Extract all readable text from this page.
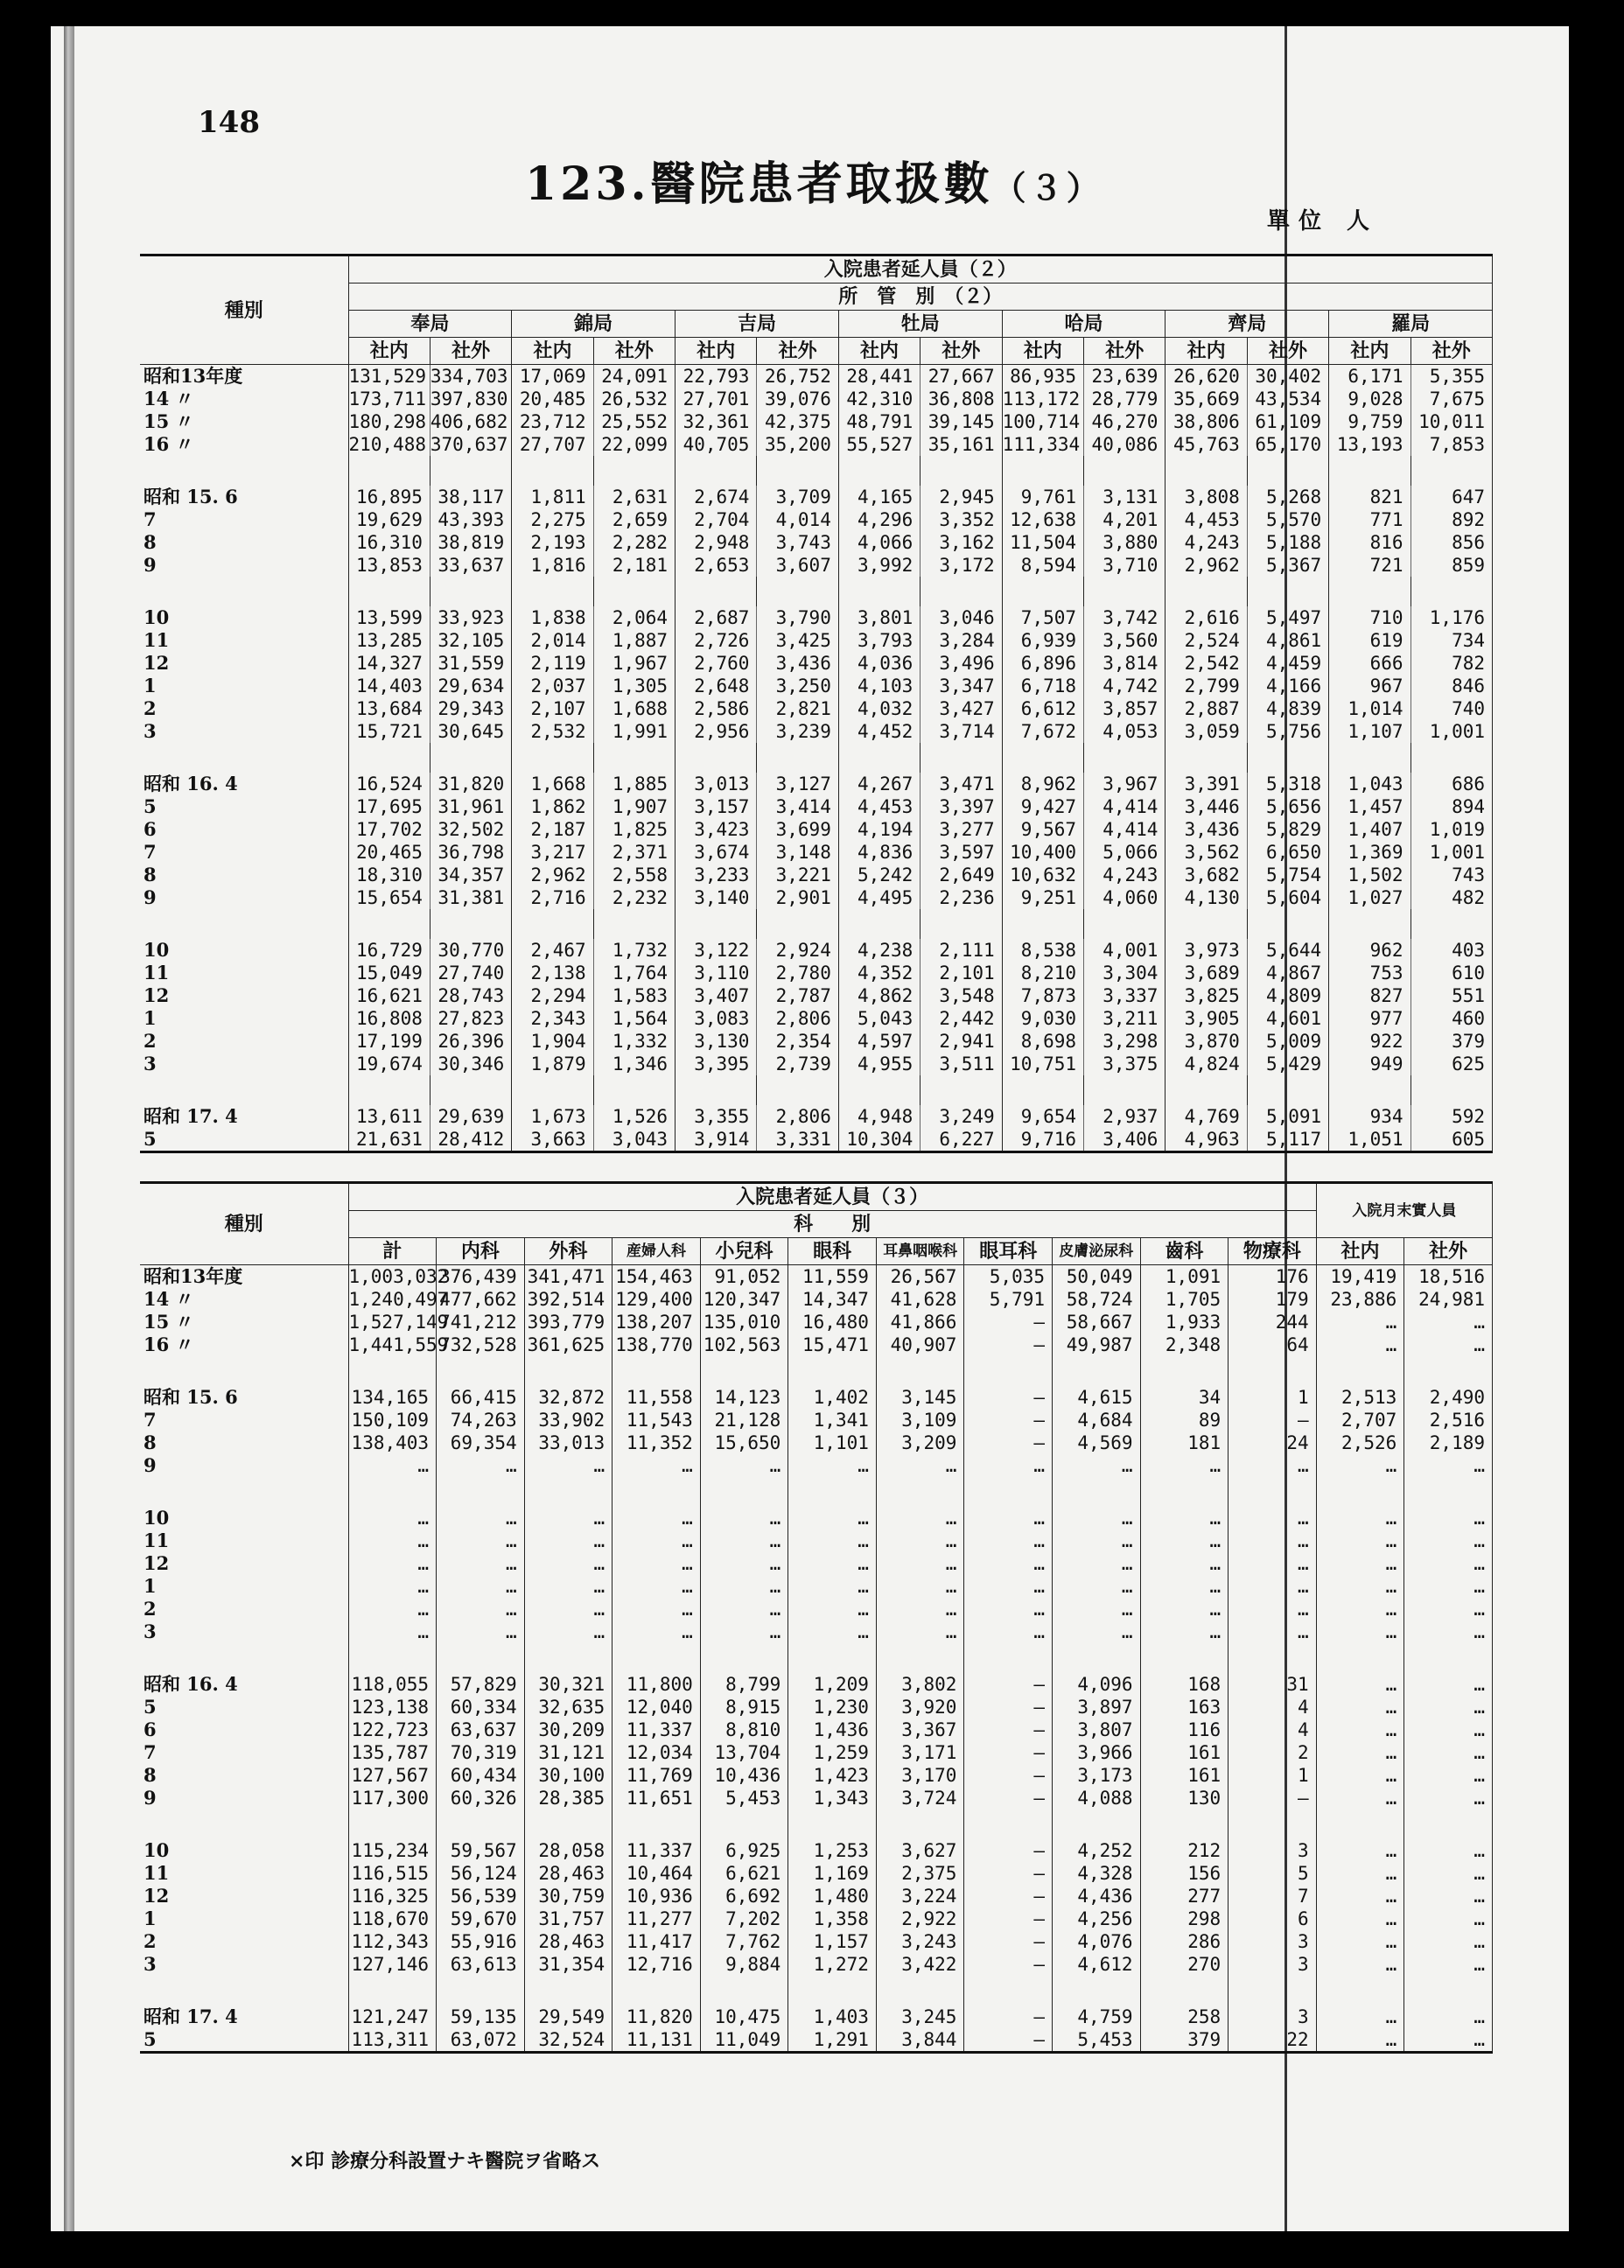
148
123.醫院患者取扱數（３）
單位 人
種別	入院患者延人員（２）													
	所　管　別　（２）													
	奉局		錦局		吉局		牡局		哈局		齊局		羅局	
	社内	社外	社内	社外	社内	社外	社内	社外	社内	社外	社内	社外	社内	社外
昭和13年度	131,529	334,703	17,069	24,091	22,793	26,752	28,441	27,667	86,935	23,639	26,620	30,402	6,171	5,355
14 〃	173,711	397,830	20,485	26,532	27,701	39,076	42,310	36,808	113,172	28,779	35,669	43,534	9,028	7,675
15 〃	180,298	406,682	23,712	25,552	32,361	42,375	48,791	39,145	100,714	46,270	38,806	61,109	9,759	10,011
16 〃	210,488	370,637	27,707	22,099	40,705	35,200	55,527	35,161	111,334	40,086	45,763	65,170	13,193	7,853

昭和 15. 6	16,895	38,117	1,811	2,631	2,674	3,709	4,165	2,945	9,761	3,131	3,808	5,268	821	647
7	19,629	43,393	2,275	2,659	2,704	4,014	4,296	3,352	12,638	4,201	4,453	5,570	771	892
8	16,310	38,819	2,193	2,282	2,948	3,743	4,066	3,162	11,504	3,880	4,243	5,188	816	856
9	13,853	33,637	1,816	2,181	2,653	3,607	3,992	3,172	8,594	3,710	2,962	5,367	721	859

10	13,599	33,923	1,838	2,064	2,687	3,790	3,801	3,046	7,507	3,742	2,616	5,497	710	1,176
11	13,285	32,105	2,014	1,887	2,726	3,425	3,793	3,284	6,939	3,560	2,524	4,861	619	734
12	14,327	31,559	2,119	1,967	2,760	3,436	4,036	3,496	6,896	3,814	2,542	4,459	666	782
1	14,403	29,634	2,037	1,305	2,648	3,250	4,103	3,347	6,718	4,742	2,799	4,166	967	846
2	13,684	29,343	2,107	1,688	2,586	2,821	4,032	3,427	6,612	3,857	2,887	4,839	1,014	740
3	15,721	30,645	2,532	1,991	2,956	3,239	4,452	3,714	7,672	4,053	3,059	5,756	1,107	1,001

昭和 16. 4	16,524	31,820	1,668	1,885	3,013	3,127	4,267	3,471	8,962	3,967	3,391	5,318	1,043	686
5	17,695	31,961	1,862	1,907	3,157	3,414	4,453	3,397	9,427	4,414	3,446	5,656	1,457	894
6	17,702	32,502	2,187	1,825	3,423	3,699	4,194	3,277	9,567	4,414	3,436	5,829	1,407	1,019
7	20,465	36,798	3,217	2,371	3,674	3,148	4,836	3,597	10,400	5,066	3,562	6,650	1,369	1,001
8	18,310	34,357	2,962	2,558	3,233	3,221	5,242	2,649	10,632	4,243	3,682	5,754	1,502	743
9	15,654	31,381	2,716	2,232	3,140	2,901	4,495	2,236	9,251	4,060	4,130	5,604	1,027	482

10	16,729	30,770	2,467	1,732	3,122	2,924	4,238	2,111	8,538	4,001	3,973	5,644	962	403
11	15,049	27,740	2,138	1,764	3,110	2,780	4,352	2,101	8,210	3,304	3,689	4,867	753	610
12	16,621	28,743	2,294	1,583	3,407	2,787	4,862	3,548	7,873	3,337	3,825	4,809	827	551
1	16,808	27,823	2,343	1,564	3,083	2,806	5,043	2,442	9,030	3,211	3,905	4,601	977	460
2	17,199	26,396	1,904	1,332	3,130	2,354	4,597	2,941	8,698	3,298	3,870	5,009	922	379
3	19,674	30,346	1,879	1,346	3,395	2,739	4,955	3,511	10,751	3,375	4,824	5,429	949	625

昭和 17. 4	13,611	29,639	1,673	1,526	3,355	2,806	4,948	3,249	9,654	2,937	4,769	5,091	934	592
5	21,631	28,412	3,663	3,043	3,914	3,331	10,304	6,227	9,716	3,406	4,963	5,117	1,051	605
種別	入院患者延人員（３）											入院月末實人員	
	科　　別												
	計	内科	外科	産婦人科	小兒科	眼科	耳鼻咽喉科	眼耳科	皮膚泌尿科	齒科	物療科	社内	社外
昭和13年度	1,003,032	376,439	341,471	154,463	91,052	11,559	26,567	5,035	50,049	1,091	176	19,419	18,516
14 〃	1,240,497	477,662	392,514	129,400	120,347	14,347	41,628	5,791	58,724	1,705	179	23,886	24,981
15 〃	1,527,149	741,212	393,779	138,207	135,010	16,480	41,866	—	58,667	1,933	244	…	…
16 〃	1,441,559	732,528	361,625	138,770	102,563	15,471	40,907	—	49,987	2,348	64	…	…

昭和 15. 6	134,165	66,415	32,872	11,558	14,123	1,402	3,145	—	4,615	34	1	2,513	2,490
7	150,109	74,263	33,902	11,543	21,128	1,341	3,109	—	4,684	89	—	2,707	2,516
8	138,403	69,354	33,013	11,352	15,650	1,101	3,209	—	4,569	181	24	2,526	2,189
9	…	…	…	…	…	…	…	…	…	…	…	…	…

10	…	…	…	…	…	…	…	…	…	…	…	…	…
11	…	…	…	…	…	…	…	…	…	…	…	…	…
12	…	…	…	…	…	…	…	…	…	…	…	…	…
1	…	…	…	…	…	…	…	…	…	…	…	…	…
2	…	…	…	…	…	…	…	…	…	…	…	…	…
3	…	…	…	…	…	…	…	…	…	…	…	…	…

昭和 16. 4	118,055	57,829	30,321	11,800	8,799	1,209	3,802	—	4,096	168	31	…	…
5	123,138	60,334	32,635	12,040	8,915	1,230	3,920	—	3,897	163	4	…	…
6	122,723	63,637	30,209	11,337	8,810	1,436	3,367	—	3,807	116	4	…	…
7	135,787	70,319	31,121	12,034	13,704	1,259	3,171	—	3,966	161	2	…	…
8	127,567	60,434	30,100	11,769	10,436	1,423	3,170	—	3,173	161	1	…	…
9	117,300	60,326	28,385	11,651	5,453	1,343	3,724	—	4,088	130	—	…	…

10	115,234	59,567	28,058	11,337	6,925	1,253	3,627	—	4,252	212	3	…	…
11	116,515	56,124	28,463	10,464	6,621	1,169	2,375	—	4,328	156	5	…	…
12	116,325	56,539	30,759	10,936	6,692	1,480	3,224	—	4,436	277	7	…	…
1	118,670	59,670	31,757	11,277	7,202	1,358	2,922	—	4,256	298	6	…	…
2	112,343	55,916	28,463	11,417	7,762	1,157	3,243	—	4,076	286	3	…	…
3	127,146	63,613	31,354	12,716	9,884	1,272	3,422	—	4,612	270	3	…	…

昭和 17. 4	121,247	59,135	29,549	11,820	10,475	1,403	3,245	—	4,759	258	3	…	…
5	113,311	63,072	32,524	11,131	11,049	1,291	3,844	—	5,453	379	22	…	…
×印 診療分科設置ナキ醫院ヲ省略ス
